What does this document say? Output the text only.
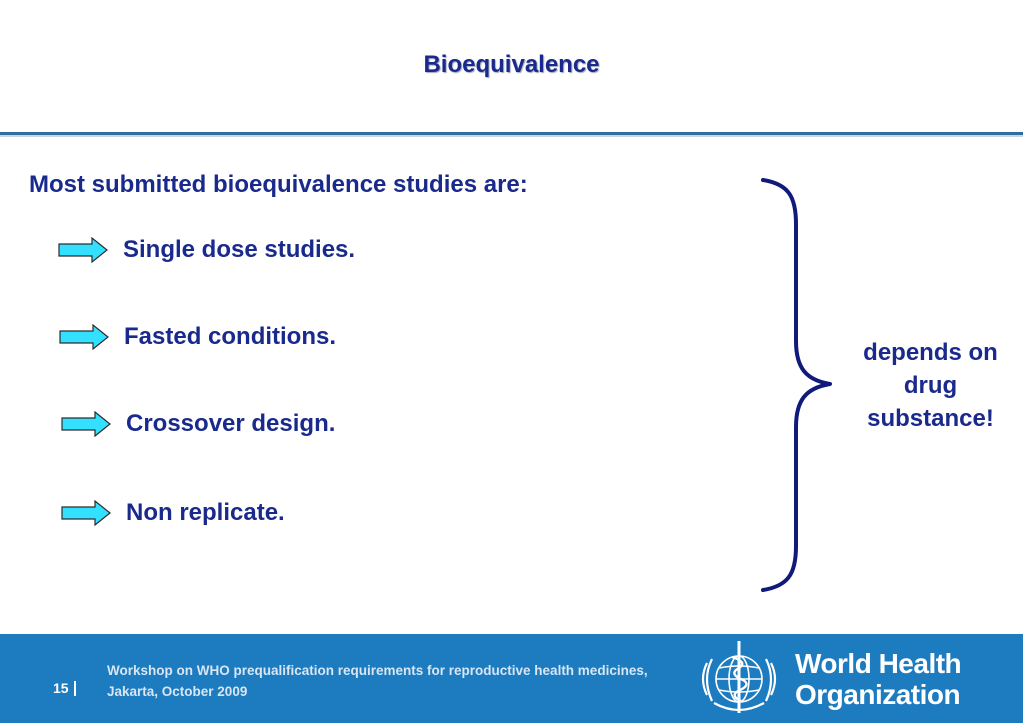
Bioequivalence
Most submitted bioequivalence studies are:
Single dose studies.
Fasted conditions.
Crossover design.
Non replicate.
depends on
drug
substance!
15
Workshop on WHO prequalification requirements for reproductive health medicines,
Jakarta, October 2009
World Health
Organization
